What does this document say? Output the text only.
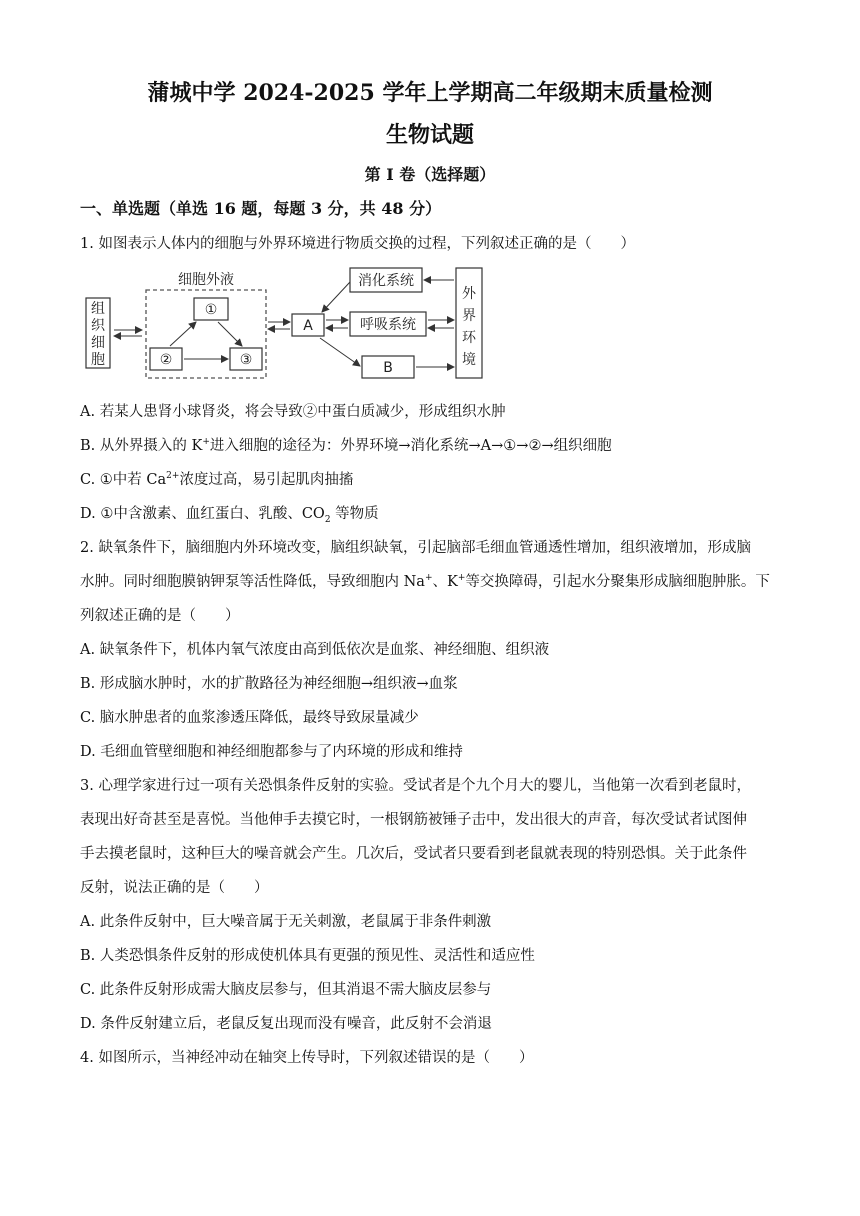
蒲城中学 2024-2025 学年上学期高二年级期末质量检测
生物试题
第 I 卷（选择题）
一、单选题（单选 16 题，每题 3 分，共 48 分）
1. 如图表示人体内的细胞与外界环境进行物质交换的过程，下列叙述正确的是（　　）
组
织
细
胞
细胞外液
①
②	③
A
消化系统
呼吸系统
B
外
界
环
境
A. 若某人患肾小球肾炎，将会导致②中蛋白质减少，形成组织水肿
B. 从外界摄入的 K+进入细胞的途径为：外界环境→消化系统→A→①→②→组织细胞
C. ①中若 $Ca^{2+}$浓度过高，易引起肌肉抽搐
D. ①中含激素、血红蛋白、乳酸、$CO_2$ 等物质
2. 缺氧条件下，脑细胞内外环境改变，脑组织缺氧，引起脑部毛细血管通透性增加，组织液增加，形成脑
水肿。同时细胞膜钠钾泵等活性降低，导致细胞内 Na+、K+等交换障碍，引起水分聚集形成脑细胞肿胀。下
列叙述正确的是（　　）
A. 缺氧条件下，机体内氧气浓度由高到低依次是血浆、神经细胞、组织液
B. 形成脑水肿时，水的扩散路径为神经细胞→组织液→血浆
C. 脑水肿患者的血浆渗透压降低，最终导致尿量减少
D. 毛细血管壁细胞和神经细胞都参与了内环境的形成和维持
3. 心理学家进行过一项有关恐惧条件反射的实验。受试者是个九个月大的婴儿，当他第一次看到老鼠时，
表现出好奇甚至是喜悦。当他伸手去摸它时，一根钢筋被锤子击中，发出很大的声音，每次受试者试图伸
手去摸老鼠时，这种巨大的噪音就会产生。几次后，受试者只要看到老鼠就表现的特别恐惧。关于此条件
反射，说法正确的是（　　）
A. 此条件反射中，巨大噪音属于无关刺激，老鼠属于非条件刺激
B. 人类恐惧条件反射的形成使机体具有更强的预见性、灵活性和适应性
C. 此条件反射形成需大脑皮层参与，但其消退不需大脑皮层参与
D. 条件反射建立后，老鼠反复出现而没有噪音，此反射不会消退
4. 如图所示，当神经冲动在轴突上传导时，下列叙述错误的是（　　）
